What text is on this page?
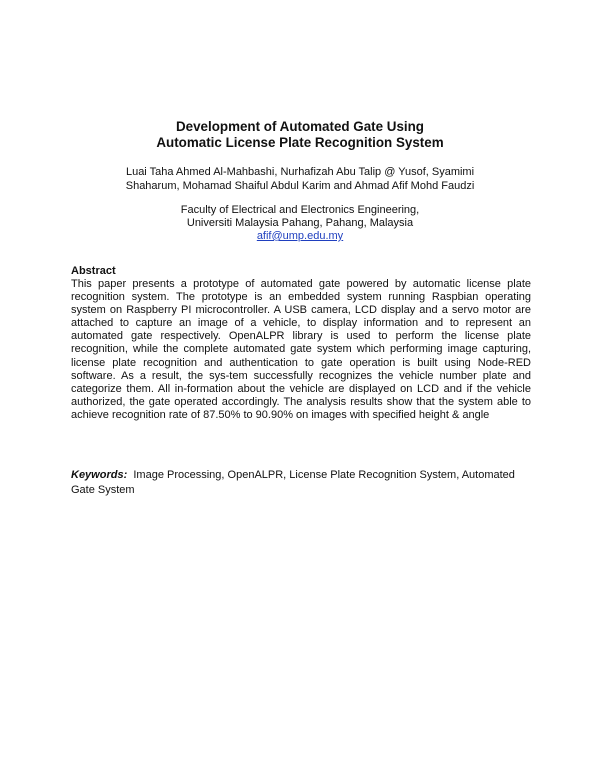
Development of Automated Gate Using
Automatic License Plate Recognition System
Luai Taha Ahmed Al-Mahbashi, Nurhafizah Abu Talip @ Yusof, Syamimi
Shaharum, Mohamad Shaiful Abdul Karim and Ahmad Afif Mohd Faudzi
Faculty of Electrical and Electronics Engineering,
Universiti Malaysia Pahang, Pahang, Malaysia
afif@ump.edu.my
Abstract
This paper presents a prototype of automated gate powered by automatic license plate recognition system. The prototype is an embedded system running Raspbian operating system on Raspberry PI microcontroller. A USB camera, LCD display and a servo motor are attached to capture an image of a vehicle, to display information and to represent an automated gate respectively. OpenALPR library is used to perform the license plate recognition, while the complete automated gate system which performing image capturing, license plate recognition and authentication to gate operation is built using Node-RED software. As a result, the sys-tem successfully recognizes the vehicle number plate and categorize them. All in-formation about the vehicle are displayed on LCD and if the vehicle authorized, the gate operated accordingly. The analysis results show that the system able to achieve recognition rate of 87.50% to 90.90% on images with specified height & angle
Keywords: Image Processing, OpenALPR, License Plate Recognition System, Automated Gate System
